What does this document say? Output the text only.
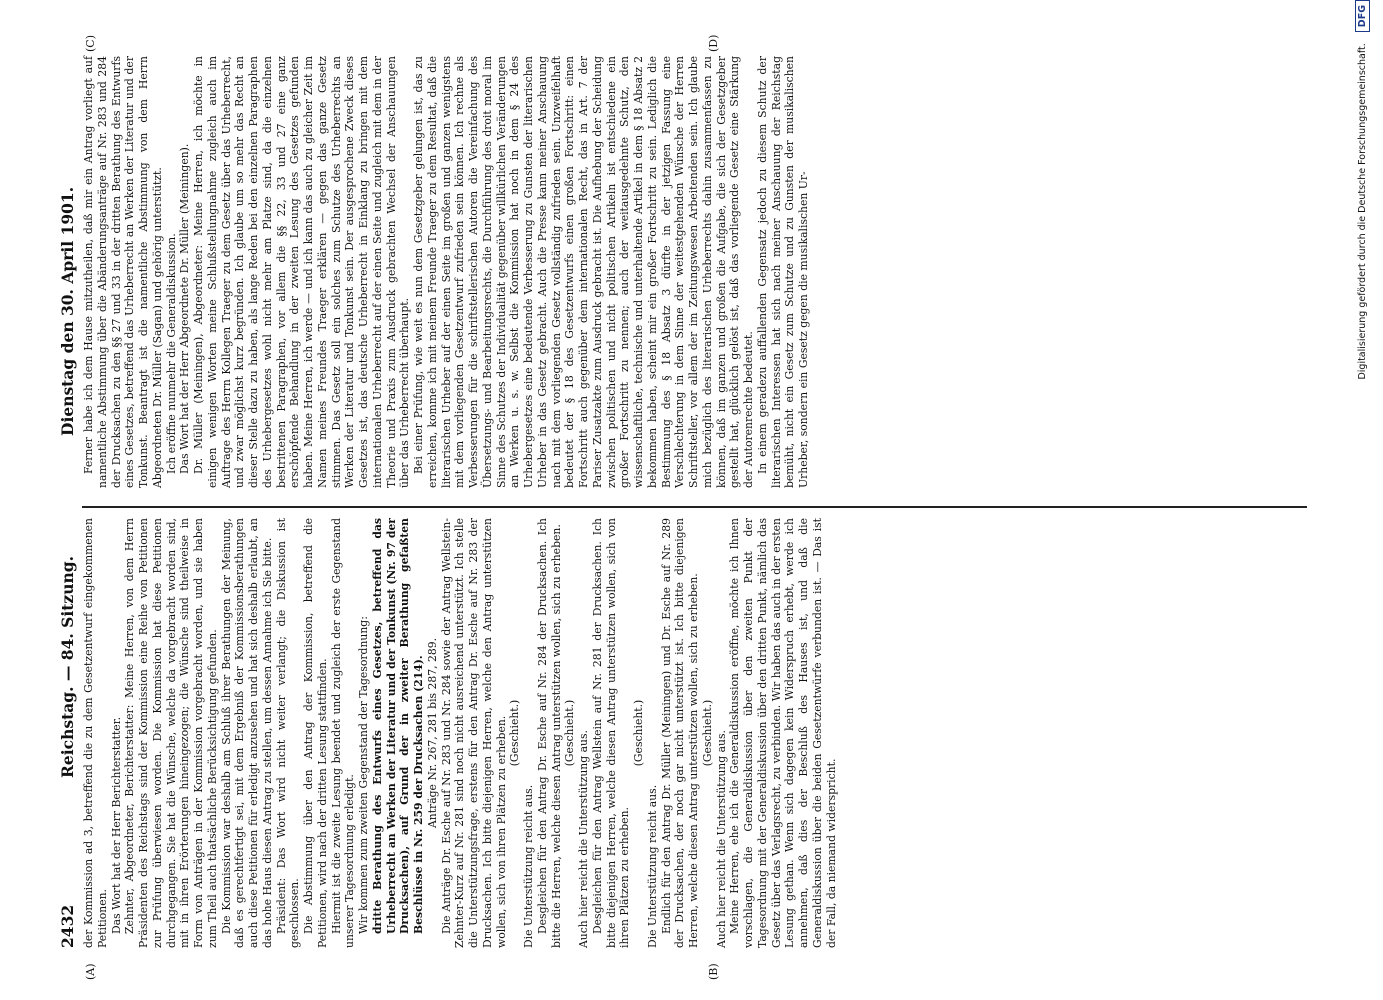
2432
Reichstag. — 84. Sitzung.
Dienstag den 30. April 1901.
(A)	(B)
(C)	(D)

der Kommission ad 3, betreffend die zu dem Gesetzentwurf eingekommenen Petitionen. Das Wort hat der Herr Berichterstatter. Zehnter, Abgeordneter, Berichterstatter: Meine Herren, von dem Herrn Präsidenten des Reichstags sind der Kommission eine Reihe von Petitionen zur Prüfung überwiesen worden. Die Kommission hat diese Petitionen durchgegangen. Sie hat die Wünsche, welche da vorgebracht worden sind, mit in ihren Erörterungen hineingezogen; die Wünsche sind theilweise in Form von Anträgen in der Kommission vorgebracht worden, und sie haben zum Theil auch thatsächliche Berücksichtigung gefunden. Die Kommission war deshalb am Schluß ihrer Berathungen der Meinung, daß es gerechtfertigt sei, mit dem Ergebniß der Kommissionsberathungen auch diese Petitionen für erledigt anzusehen und hat sich deshalb erlaubt, an das hohe Haus diesen Antrag zu stellen, um dessen Annahme ich Sie bitte. Präsident: Das Wort wird nicht weiter verlangt; die Diskussion ist geschlossen. Die Abstimmung über den Antrag der Kommission, betreffend die Petitionen, wird nach der dritten Lesung stattfinden. Hiermit ist die zweite Lesung beendet und zugleich der erste Gegenstand unserer Tagesordnung erledigt. Wir kommen zum zweiten Gegenstand der Tagesordnung: dritte Berathung des Entwurfs eines Gesetzes, betreffend das Urheberrecht an Werken der Literatur und der Tonkunst (Nr. 97 der Drucksachen), auf Grund der in zweiter Berathung gefaßten Beschlüsse in Nr. 259 der Drucksachen (214). Anträge Nr. 267, 281 bis 287, 289. Die Anträge Dr. Esche auf Nr. 283 und Nr. 284 sowie der Antrag Wellstein-Zehnter-Kurz auf Nr. 281 sind noch nicht ausreichend unterstützt. Ich stelle die Unterstützungsfrage, erstens für den Antrag Dr. Esche auf Nr. 283 der Drucksachen. Ich bitte diejenigen Herren, welche den Antrag unterstützen wollen, sich von ihren Plätzen zu erheben. (Geschieht.)

Die Unterstützung reicht aus. Desgleichen für den Antrag Dr. Esche auf Nr. 284 der Drucksachen. Ich bitte die Herren, welche diesen Antrag unterstützen wollen, sich zu erheben. (Geschieht.) Auch hier reicht die Unterstützung aus. Desgleichen für den Antrag Wellstein auf Nr. 281 der Drucksachen. Ich bitte diejenigen Herren, welche diesen Antrag unterstützen wollen, sich von ihren Plätzen zu erheben.

(Geschieht.)

Die Unterstützung reicht aus. Endlich für den Antrag Dr. Müller (Meiningen) und Dr. Esche auf Nr. 289 der Drucksachen, der noch gar nicht unterstützt ist. Ich bitte diejenigen Herren, welche diesen Antrag unterstützen wollen, sich zu erheben. (Geschieht.) Auch hier reicht die Unterstützung aus. Meine Herren, ehe ich die Generaldiskussion eröffne, möchte ich Ihnen vorschlagen, die Generaldiskussion über den zweiten Punkt der Tagesordnung mit der Generaldiskussion über den dritten Punkt, nämlich das Gesetz über das Verlagsrecht, zu verbinden. Wir haben das auch in der ersten Lesung gethan. Wenn sich dagegen kein Widerspruch erhebt, werde ich annehmen, daß dies der Beschluß des Hauses ist, und daß die Generaldiskussion über die beiden Gesetzentwürfe verbunden ist. — Das ist der Fall, da niemand widerspricht.

Ferner habe ich dem Hause mitzutheilen, daß mir ein Antrag vorliegt auf namentliche Abstimmung über die Abänderungsanträge auf Nr. 283 und 284 der Drucksachen zu den §§ 27 und 33 in der dritten Berathung des Entwurfs eines Gesetzes, betreffend das Urheberrecht an Werken der Literatur und der Tonkunst. Beantragt ist die namentliche Abstimmung von dem Herrn Abgeordneten Dr. Müller (Sagan) und gehörig unterstützt. Ich eröffne nunmehr die Generaldiskussion. Das Wort hat der Herr Abgeordnete Dr. Müller (Meiningen). Dr. Müller (Meiningen), Abgeordneter: Meine Herren, ich möchte in einigen wenigen Worten meine Schlußstellungnahme zugleich auch im Auftrage des Herrn Kollegen Traeger zu dem Gesetz über das Urheberrecht, und zwar möglichst kurz begründen. Ich glaube um so mehr das Recht an dieser Stelle dazu zu haben, als lange Reden bei den einzelnen Paragraphen des Urhebergesetzes wohl nicht mehr am Platze sind, da die einzelnen bestrittenen Paragraphen, vor allem die §§ 22, 33 und 27 eine ganz erschöpfende Behandlung in der zweiten Lesung des Gesetzes gefunden haben. Meine Herren, ich werde — und ich kann das auch zu gleicher Zeit im Namen meines Freundes Traeger erklären — gegen das ganze Gesetz stimmen. Das Gesetz soll ein solches zum Schutze des Urheberrechts an Werken der Literatur und Tonkunst sein. Der ausgesprochene Zweck dieses Gesetzes ist, das deutsche Urheberrecht in Einklang zu bringen mit dem internationalen Urheberrecht auf der einen Seite und zugleich mit dem in der Theorie und Praxis zum Ausdruck gebrachten Wechsel der Anschauungen über das Urheberrecht überhaupt. Bei einer Prüfung, wie weit es nun dem Gesetzgeber gelungen ist, das zu erreichen, komme ich mit meinem Freunde Traeger zu dem Resultat, daß die literarischen Urheber auf der einen Seite im großen und ganzen wenigstens mit dem vorliegenden Gesetzentwurf zufrieden sein können. Ich rechne als Verbesserungen für die schriftstellerischen Autoren die Vereinfachung des Übersetzungs- und Bearbeitungsrechts, die Durchführung des droit moral im Sinne des Schutzes der Individualität gegenüber willkürlichen Veränderungen an Werken u. s. w. Selbst die Kommission hat noch in dem § 24 des Urhebergesetzes eine bedeutende Verbesserung zu Gunsten der literarischen Urheber in das Gesetz gebracht. Auch die Presse kann meiner Anschauung nach mit dem vorliegenden Gesetz vollständig zufrieden sein. Unzweifelhaft bedeutet der § 18 des Gesetzentwurfs einen großen Fortschritt: einen Fortschritt auch gegenüber dem internationalen Recht, das in Art. 7 der Pariser Zusatzakte zum Ausdruck gebracht ist. Die Aufhebung der Scheidung zwischen politischen und nicht politischen Artikeln ist entschiedene ein großer Fortschritt zu nennen; auch der weitausgedehnte Schutz, den wissenschaftliche, technische und unterhaltende Artikel in dem § 18 Absatz 2 bekommen haben, scheint mir ein großer Fortschritt zu sein. Lediglich die Bestimmung des § 18 Absatz 3 dürfte in der jetzigen Fassung eine Verschlechterung in dem Sinne der weitestgehenden Wünsche der Herren Schriftsteller, vor allem der im Zeitungswesen Arbeitenden sein. Ich glaube mich bezüglich des literarischen Urheberrechts dahin zusammenfassen zu können, daß im ganzen und großen die Aufgabe, die sich der Gesetzgeber gestellt hat, glücklich gelöst ist, daß das vorliegende Gesetz eine Stärkung der Autorenrechte bedeutet. In einem geradezu auffallenden Gegensatz jedoch zu diesem Schutz der literarischen Interessen hat sich nach meiner Anschauung der Reichstag bemüht, nicht ein Gesetz zum Schutze und zu Gunsten der musikalischen Urheber, sondern ein Gesetz gegen die musikalischen Ur-	Digitalisierung gefördert durch die Deutsche Forschungsgemeinschaft. DFG
